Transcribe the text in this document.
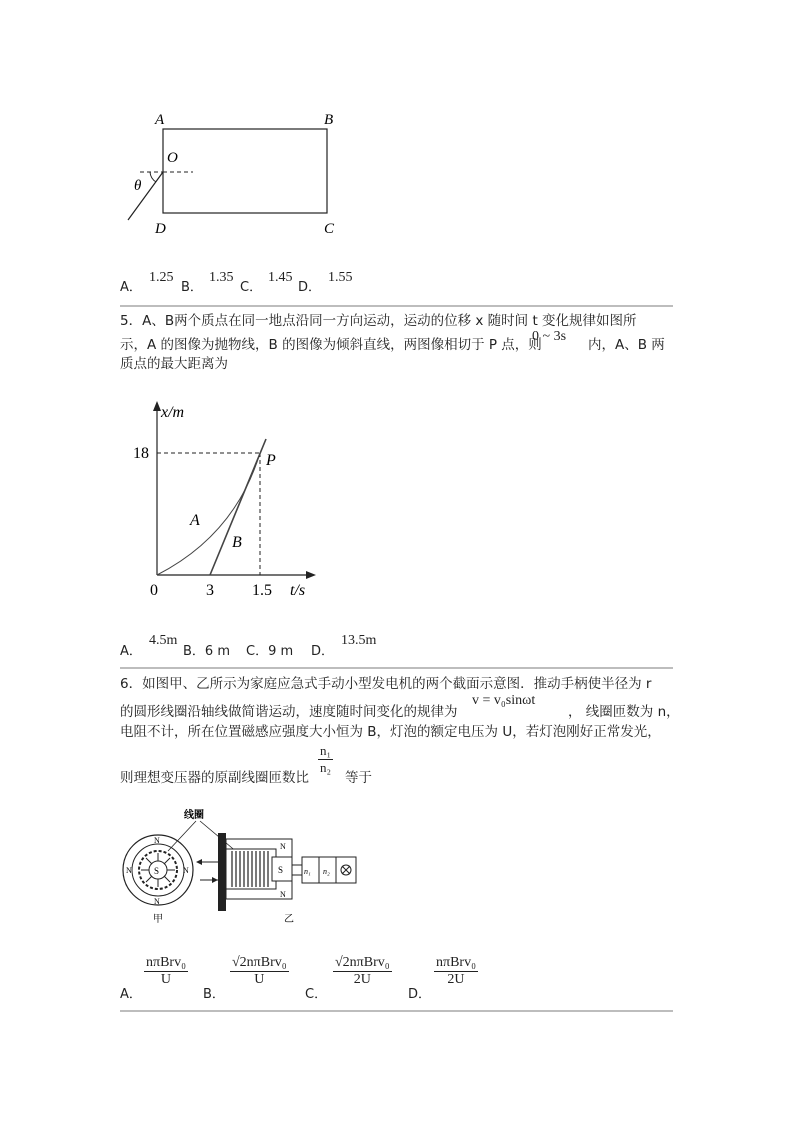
A	B
C
D
O
θ
A．
1.25
B．
1.35
C．
1.45
D．
1.55
5．A、B两个质点在同一地点沿同一方向运动，运动的位移 x 随时间 t 变化规律如图所
示，A 的图像为抛物线，B 的图像为倾斜直线，两图像相切于 P 点，则
0 ~ 3s
内，A、B 两
质点的最大距离为
x/m
t/s
18
0	3 1.5
P
A
B
A．
4.5m
B．6 m C．9 m D．
13.5m
6．如图甲、乙所示为家庭应急式手动小型发电机的两个截面示意图．推动手柄使半径为 r
的圆形线圈沿轴线做简谐运动，速度随时间变化的规律为
v = v₀sinωt
， 线圈匝数为 n，
电阻不计，所在位置磁感应强度大小恒为 B，灯泡的额定电压为 U，若灯泡刚好正常发光，
则理想变压器的原副线圈匝数比
$\frac{\text{n₁}}{\text{n₂}}$
等于
S
N
N
N	N
甲
线圈
S
N
N
n₁ n₂
乙
A．
nπBrv₀
U
B．
√2nπBrv₀
U
C．
√2nπBrv₀
2U
D．
nπBrv₀
2U
